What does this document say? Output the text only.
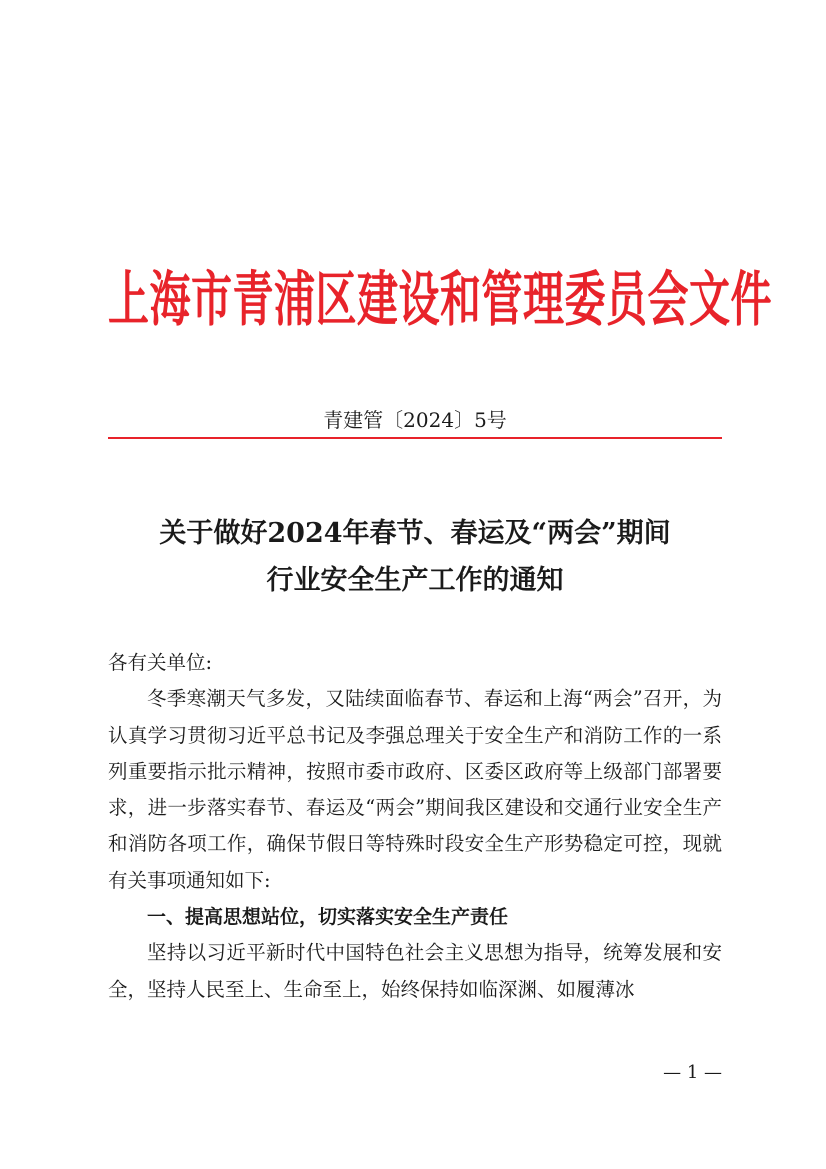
上海市青浦区建设和管理委员会文件
青建管〔2024〕5号
关于做好2024年春节、春运及“两会”期间
行业安全生产工作的通知

各有关单位:

冬季寒潮天气多发，又陆续面临春节、春运和上海“两会”召开，为认真学习贯彻习近平总书记及李强总理关于安全生产和消防工作的一系列重要指示批示精神，按照市委市政府、区委区政府等上级部门部署要求，进一步落实春节、春运及“两会”期间我区建设和交通行业安全生产和消防各项工作，确保节假日等特殊时段安全生产形势稳定可控，现就有关事项通知如下:

一、提高思想站位，切实落实安全生产责任

坚持以习近平新时代中国特色社会主义思想为指导，统筹发展和安全，坚持人民至上、生命至上，始终保持如临深渊、如履薄冰

— 1 —
